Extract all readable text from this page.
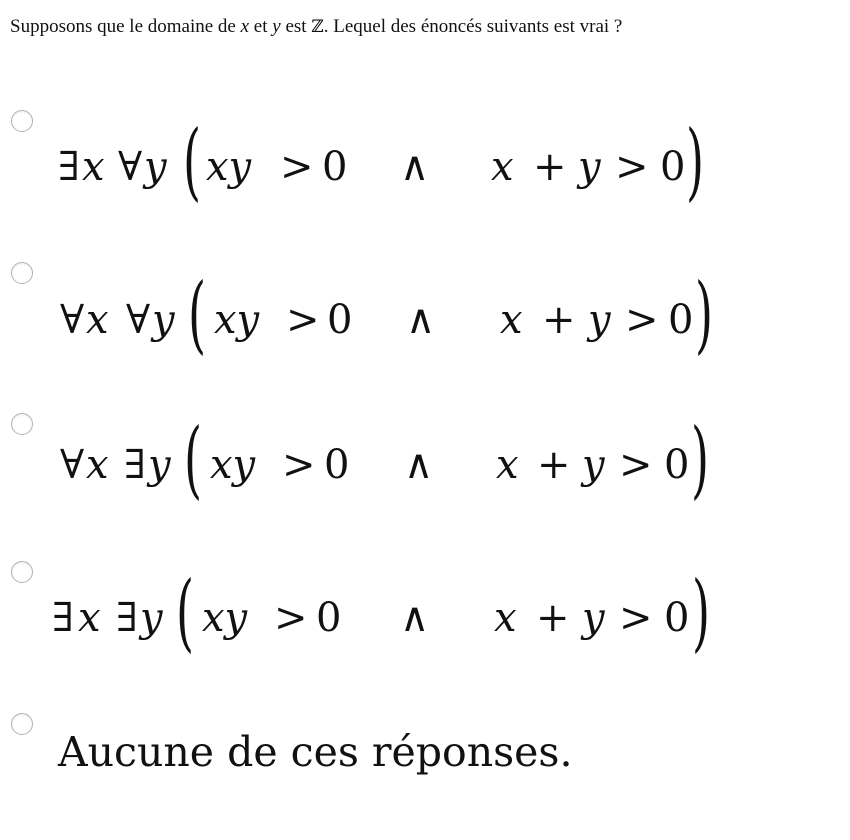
Supposons que le domaine de x et y est ℤ. Lequel des énoncés suivants est vrai ?
∃ x ∀ y ( xy > 0 ∧ x + y > 0 )
∀ x ∀ y ( xy > 0 ∧ x + y > 0 )
∀ x ∃ y ( xy > 0 ∧ x + y > 0 )
∃ x ∃ y ( xy > 0 ∧ x + y > 0 )
Aucune de ces réponses.
